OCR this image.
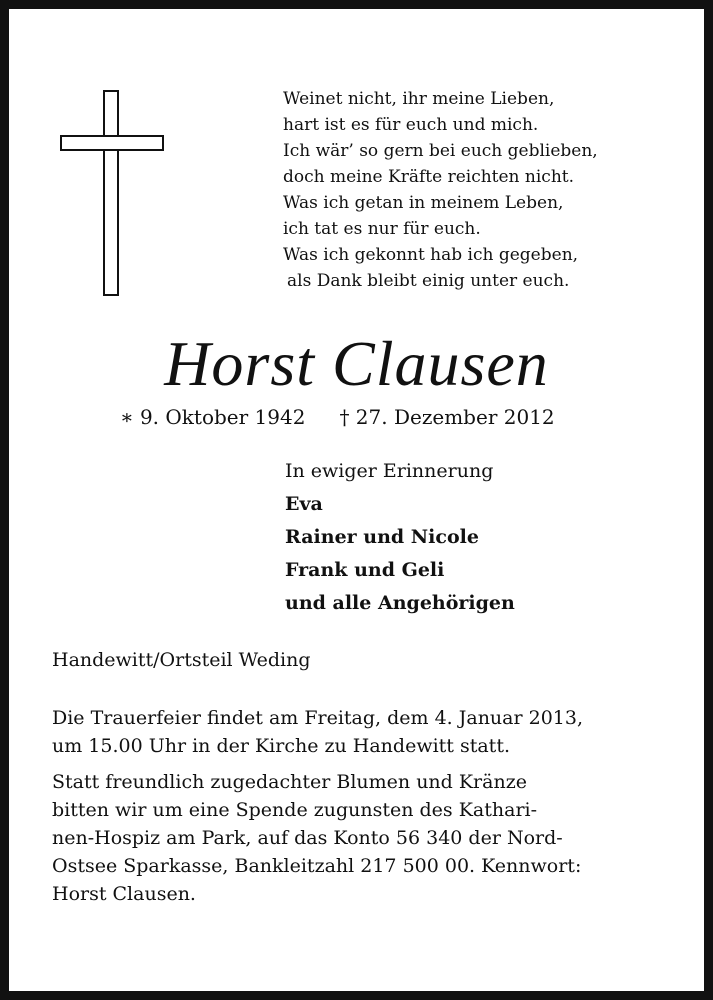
Weinet nicht, ihr meine Lieben,
hart ist es für euch und mich.
Ich wär’ so gern bei euch geblieben,
doch meine Kräfte reichten nicht.
Was ich getan in meinem Leben,
ich tat es nur für euch.
Was ich gekonnt hab ich gegeben,
als Dank bleibt einig unter euch.
Horst Clausen
∗ 9. Oktober 1942 † 27. Dezember 2012
In ewiger Erinnerung
Eva
Rainer und Nicole
Frank und Geli
und alle Angehörigen
Handewitt/Ortsteil Weding

Die Trauerfeier findet am Freitag, dem 4. Januar 2013,
um 15.00 Uhr in der Kirche zu Handewitt statt.

Statt freundlich zugedachter Blumen und Kränze
bitten wir um eine Spende zugunsten des Kathari-
nen-Hospiz am Park, auf das Konto 56 340 der Nord-
Ostsee Sparkasse, Bankleitzahl 217 500 00. Kennwort:
Horst Clausen.
